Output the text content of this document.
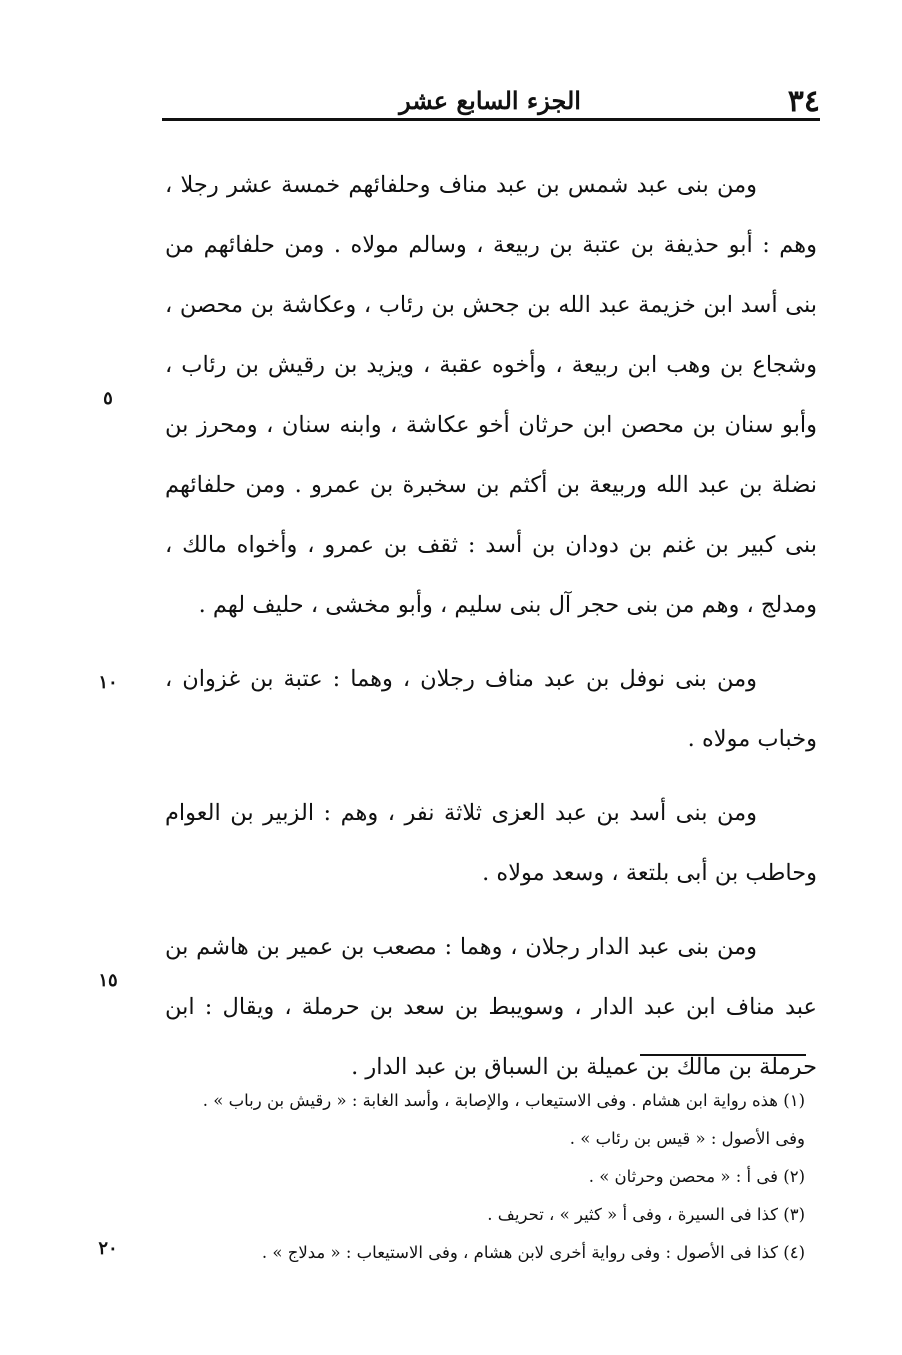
٣٤
الجزء السابع عشر

ومن بنى عبد شمس بن عبد مناف وحلفائهم خمسة عشر رجلا ، وهم : أبو حذيفة بن عتبة بن ربيعة ، وسالم مولاه . ومن حلفائهم من بنى أسد ابن خزيمة عبد الله بن جحش بن رئاب ، وعكاشة بن محصن ، وشجاع بن وهب ابن ربيعة ، وأخوه عقبة ، ويزيد بن رقيش بن رئاب ، وأبو سنان بن محصن ابن حرثان أخو عكاشة ، وابنه سنان ، ومحرز بن نضلة بن عبد الله وربيعة بن أكثم بن سخبرة بن عمرو . ومن حلفائهم بنى كبير بن غنم بن دودان بن أسد : ثقف بن عمرو ، وأخواه مالك ، ومدلج ، وهم من بنى حجر آل بنى سليم ، وأبو مخشى ، حليف لهم .

ومن بنى نوفل بن عبد مناف رجلان ، وهما : عتبة بن غزوان ، وخباب مولاه .

ومن بنى أسد بن عبد العزى ثلاثة نفر ، وهم : الزبير بن العوام وحاطب بن أبى بلتعة ، وسعد مولاه .

ومن بنى عبد الدار رجلان ، وهما : مصعب بن عمير بن هاشم بن عبد مناف ابن عبد الدار ، وسويبط بن سعد بن حرملة ، ويقال : ابن حرملة بن مالك بن عميلة بن السباق بن عبد الدار .

٥
١٠
١٥
٢٠
(١) هذه رواية ابن هشام . وفى الاستيعاب ، والإصابة ، وأسد الغابة : « رقيش بن رباب » .
وفى الأصول : « قيس بن رئاب » .
(٢) فى أ : « محصن وحرثان » .
(٣) كذا فى السيرة ، وفى أ « كثير » ، تحريف .
(٤) كذا فى الأصول : وفى رواية أخرى لابن هشام ، وفى الاستيعاب : « مدلاج » .
